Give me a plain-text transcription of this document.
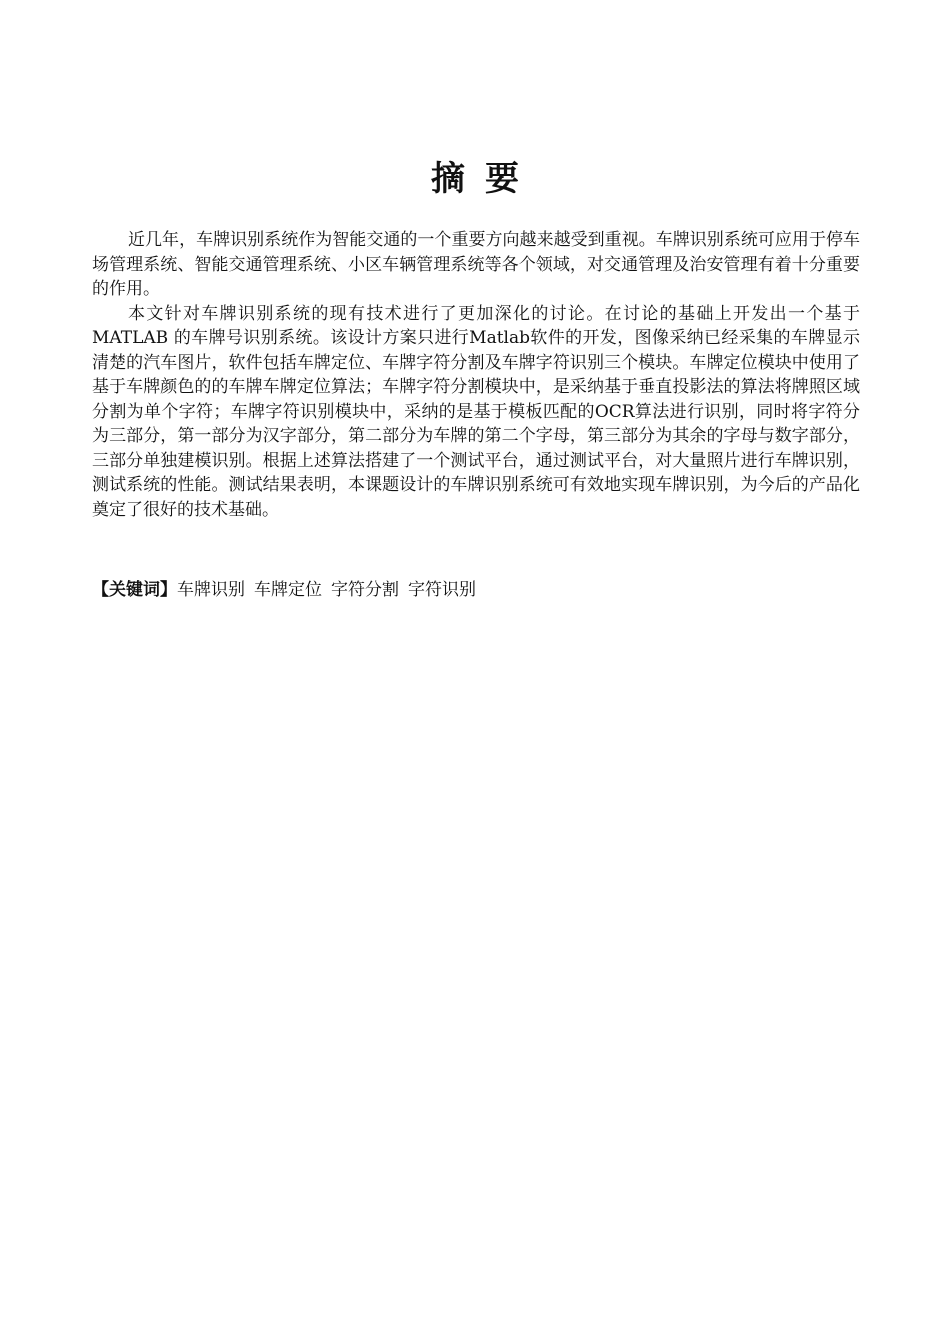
摘要

近几年，车牌识别系统作为智能交通的一个重要方向越来越受到重视。车牌识别系统可应用于停车场管理系统、智能交通管理系统、小区车辆管理系统等各个领域，对交通管理及治安管理有着十分重要的作用。

本文针对车牌识别系统的现有技术进行了更加深化的讨论。在讨论的基础上开发出一个基于MATLAB 的车牌号识别系统。该设计方案只进行Matlab软件的开发，图像采纳已经采集的车牌显示清楚的汽车图片，软件包括车牌定位、车牌字符分割及车牌字符识别三个模块。车牌定位模块中使用了基于车牌颜色的的车牌车牌定位算法；车牌字符分割模块中，是采纳基于垂直投影法的算法将牌照区域分割为单个字符；车牌字符识别模块中，采纳的是基于模板匹配的OCR算法进行识别，同时将字符分为三部分，第一部分为汉字部分，第二部分为车牌的第二个字母，第三部分为其余的字母与数字部分，三部分单独建模识别。根据上述算法搭建了一个测试平台，通过测试平台，对大量照片进行车牌识别，测试系统的性能。测试结果表明，本课题设计的车牌识别系统可有效地实现车牌识别，为今后的产品化奠定了很好的技术基础。

【关键词】车牌识别 车牌定位 字符分割 字符识别
